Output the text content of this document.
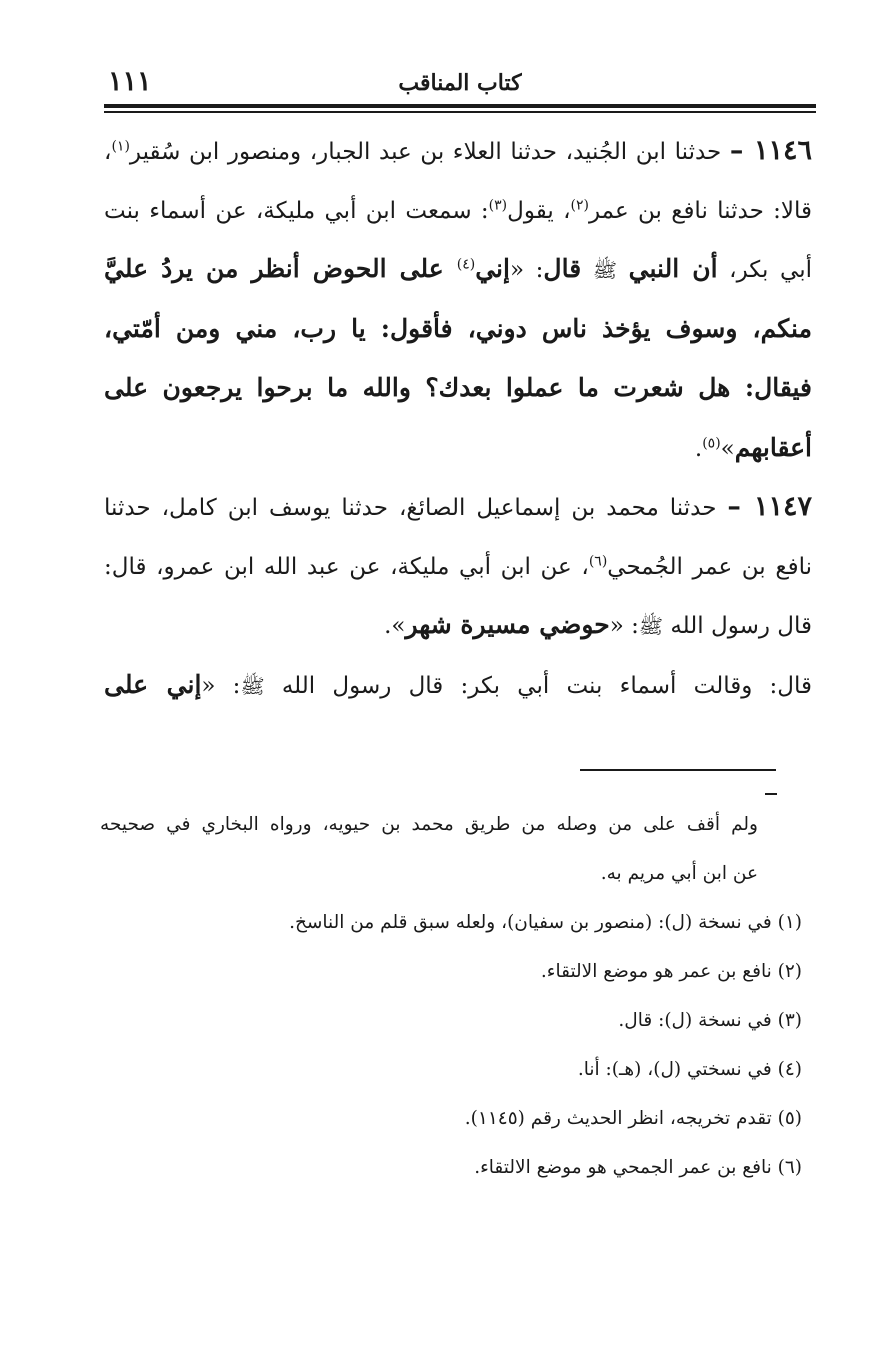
كتاب المناقب
١١١

١١٤٦ – حدثنا ابن الجُنيد، حدثنا العلاء بن عبد الجبار، ومنصور ابن سُقير$^{(١)}$، قالا: حدثنا نافع بن عمر$^{(٢)}$، يقول$^{(٣)}$: سمعت ابن أبي مليكة، عن أسماء بنت أبي بكر، أن النبي ﷺ قال: «إني$^{(٤)}$ على الحوض أنظر من يردُ عليَّ منكم، وسوف يؤخذ ناس دوني، فأقول: يا رب، مني ومن أمّتي، فيقال: هل شعرت ما عملوا بعدك؟ والله ما برحوا يرجعون على أعقابهم»$^{(٥)}$.

١١٤٧ – حدثنا محمد بن إسماعيل الصائغ، حدثنا يوسف ابن كامل، حدثنا نافع بن عمر الجُمحي$^{(٦)}$، عن ابن أبي مليكة، عن عبد الله ابن عمرو، قال: قال رسول الله ﷺ: «حوضي مسيرة شهر».

قال: وقالت أسماء بنت أبي بكر: قال رسول الله ﷺ: «إني على

ولم أقف على من وصله من طريق محمد بن حيويه، ورواه البخاري في صحيحه

عن ابن أبي مريم به.

(١) في نسخة (ل): (منصور بن سفيان)، ولعله سبق قلم من الناسخ.

(٢) نافع بن عمر هو موضع الالتقاء.

(٣) في نسخة (ل): قال.

(٤) في نسختي (ل)، (هـ): أنا.

(٥) تقدم تخريجه، انظر الحديث رقم (١١٤٥).

(٦) نافع بن عمر الجمحي هو موضع الالتقاء.
